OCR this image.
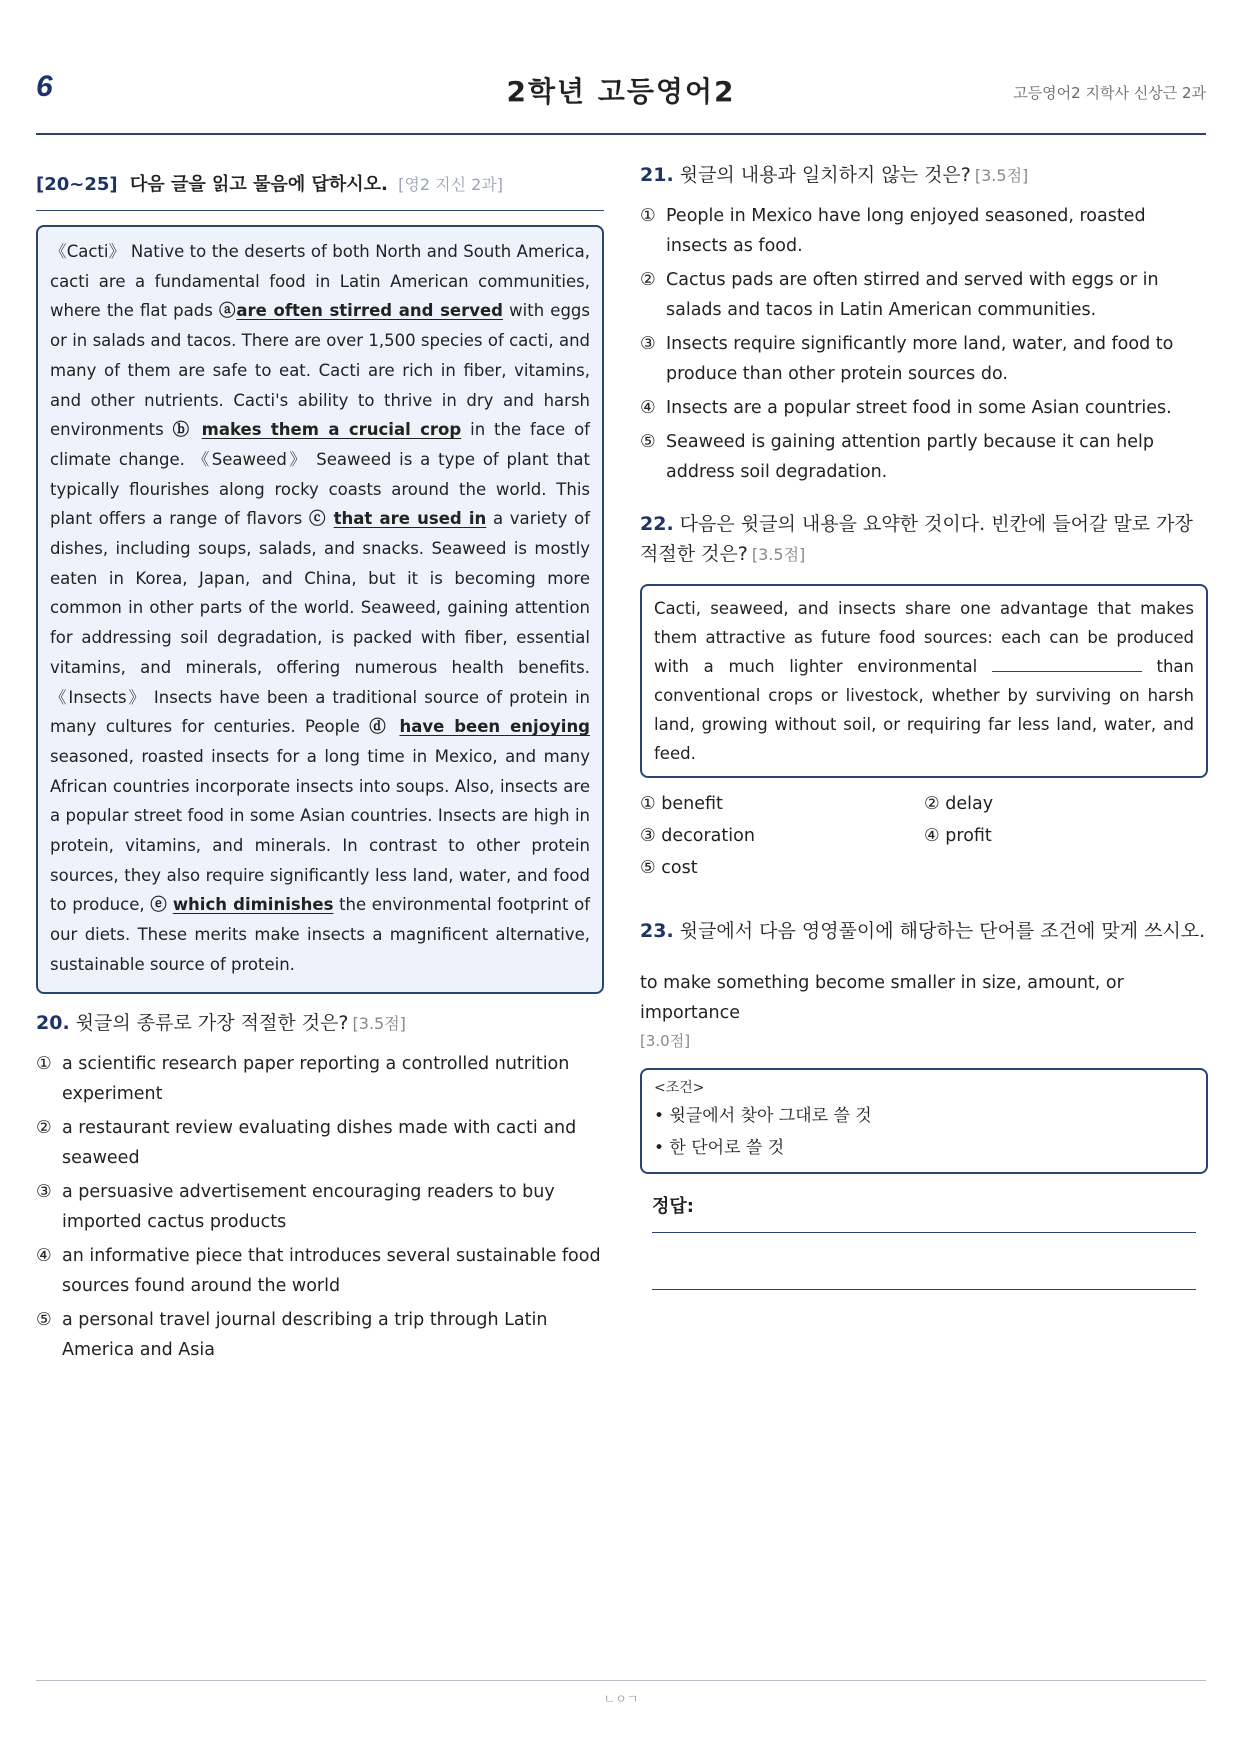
6	2학년 고등영어2	고등영어2 지학사 신상근 2과
[20~25] 다음 글을 읽고 물음에 답하시오. [영2 지신 2과]
《Cacti》 Native to the deserts of both North and South America, cacti are a fundamental food in Latin American communities, where the flat pads ⓐare often stirred and served with eggs or in salads and tacos. There are over 1,500 species of cacti, and many of them are safe to eat. Cacti are rich in fiber, vitamins, and other nutrients. Cacti's ability to thrive in dry and harsh environments ⓑ makes them a crucial crop in the face of climate change. 《Seaweed》 Seaweed is a type of plant that typically flourishes along rocky coasts around the world. This plant offers a range of flavors ⓒ that are used in a variety of dishes, including soups, salads, and snacks. Seaweed is mostly eaten in Korea, Japan, and China, but it is becoming more common in other parts of the world. Seaweed, gaining attention for addressing soil degradation, is packed with fiber, essential vitamins, and minerals, offering numerous health benefits. 《Insects》 Insects have been a traditional source of protein in many cultures for centuries. People ⓓ have been enjoying seasoned, roasted insects for a long time in Mexico, and many African countries incorporate insects into soups. Also, insects are a popular street food in some Asian countries. Insects are high in protein, vitamins, and minerals. In contrast to other protein sources, they also require significantly less land, water, and food to produce, ⓔ which diminishes the environmental footprint of our diets. These merits make insects a magnificent alternative, sustainable source of protein.

20. 윗글의 종류로 가장 적절한 것은? [3.5점]

① a scientific research paper reporting a controlled nutrition experiment
② a restaurant review evaluating dishes made with cacti and seaweed
③ a persuasive advertisement encouraging readers to buy imported cactus products
④ an informative piece that introduces several sustainable food sources found around the world
⑤ a personal travel journal describing a trip through Latin America and Asia

21. 윗글의 내용과 일치하지 않는 것은? [3.5점]

① People in Mexico have long enjoyed seasoned, roasted insects as food.
② Cactus pads are often stirred and served with eggs or in salads and tacos in Latin American communities.
③ Insects require significantly more land, water, and food to produce than other protein sources do.
④ Insects are a popular street food in some Asian countries.
⑤ Seaweed is gaining attention partly because it can help address soil degradation.

22. 다음은 윗글의 내용을 요약한 것이다. 빈칸에 들어갈 말로 가장 적절한 것은? [3.5점]

Cacti, seaweed, and insects share one advantage that makes them attractive as future food sources: each can be produced with a much lighter environmental	than conventional crops or livestock, whether by surviving on harsh land, growing without soil, or requiring far less land, water, and feed.
① benefit	② delay
③ decoration	④ profit
⑤ cost

23. 윗글에서 다음 영영풀이에 해당하는 단어를 조건에 맞게 쓰시오.

to make something become smaller in size, amount, or importance
[3.0점]
<조건>
• 윗글에서 찾아 그대로 쓸 것
• 한 단어로 쓸 것
정답:
ㄴㅇㄱ
